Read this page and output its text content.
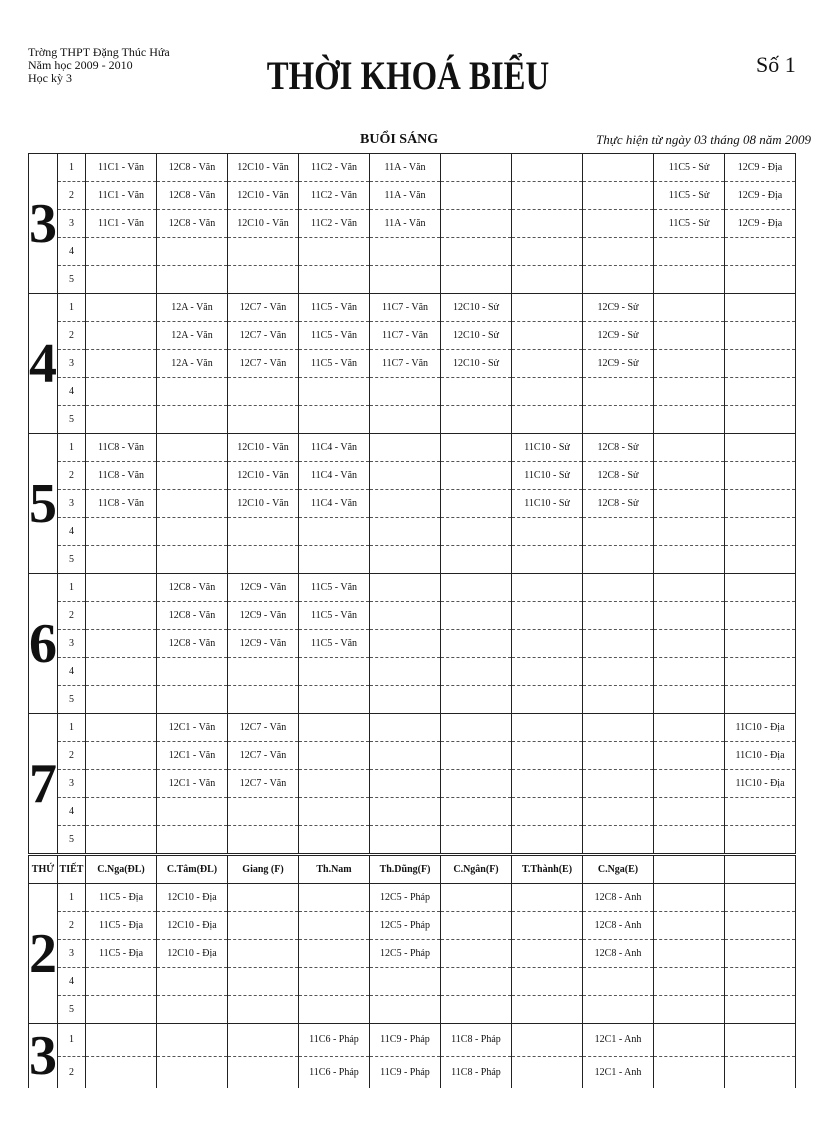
Trờng THPT Đặng Thúc Hứa
Năm học 2009 - 2010
Học kỳ 3	THỜI KHOÁ BIỂU	Số 1
BUỔI SÁNG	Thực hiện từ ngày 03 tháng 08 năm 2009
3	1	11C1 - Văn	12C8 - Văn	12C10 - Văn	11C2 - Văn	11A - Văn				11C5 - Sử	12C9 - Địa
	2	11C1 - Văn	12C8 - Văn	12C10 - Văn	11C2 - Văn	11A - Văn				11C5 - Sử	12C9 - Địa
	3	11C1 - Văn	12C8 - Văn	12C10 - Văn	11C2 - Văn	11A - Văn				11C5 - Sử	12C9 - Địa
	4										
	5										
4	1		12A - Văn	12C7 - Văn	11C5 - Văn	11C7 - Văn	12C10 - Sử		12C9 - Sử		
	2		12A - Văn	12C7 - Văn	11C5 - Văn	11C7 - Văn	12C10 - Sử		12C9 - Sử		
	3		12A - Văn	12C7 - Văn	11C5 - Văn	11C7 - Văn	12C10 - Sử		12C9 - Sử		
	4										
	5										
5	1	11C8 - Văn		12C10 - Văn	11C4 - Văn			11C10 - Sử	12C8 - Sử		
	2	11C8 - Văn		12C10 - Văn	11C4 - Văn			11C10 - Sử	12C8 - Sử		
	3	11C8 - Văn		12C10 - Văn	11C4 - Văn			11C10 - Sử	12C8 - Sử		
	4										
	5										
6	1		12C8 - Văn	12C9 - Văn	11C5 - Văn						
	2		12C8 - Văn	12C9 - Văn	11C5 - Văn						
	3		12C8 - Văn	12C9 - Văn	11C5 - Văn						
	4										
	5										
7	1		12C1 - Văn	12C7 - Văn							11C10 - Địa
	2		12C1 - Văn	12C7 - Văn							11C10 - Địa
	3		12C1 - Văn	12C7 - Văn							11C10 - Địa
	4										
	5										
THỨ	TIẾT	C.Nga(ĐL)	C.Tâm(ĐL)	Giang (F)	Th.Nam	Th.Dũng(F)	C.Ngân(F)	T.Thành(E)	C.Nga(E)		
2	1	11C5 - Địa	12C10 - Địa			12C5 - Pháp			12C8 - Anh		
	2	11C5 - Địa	12C10 - Địa			12C5 - Pháp			12C8 - Anh		
	3	11C5 - Địa	12C10 - Địa			12C5 - Pháp			12C8 - Anh		
	4										
	5										
3	1				11C6 - Pháp	11C9 - Pháp	11C8 - Pháp		12C1 - Anh		
	2				11C6 - Pháp	11C9 - Pháp	11C8 - Pháp		12C1 - Anh		
